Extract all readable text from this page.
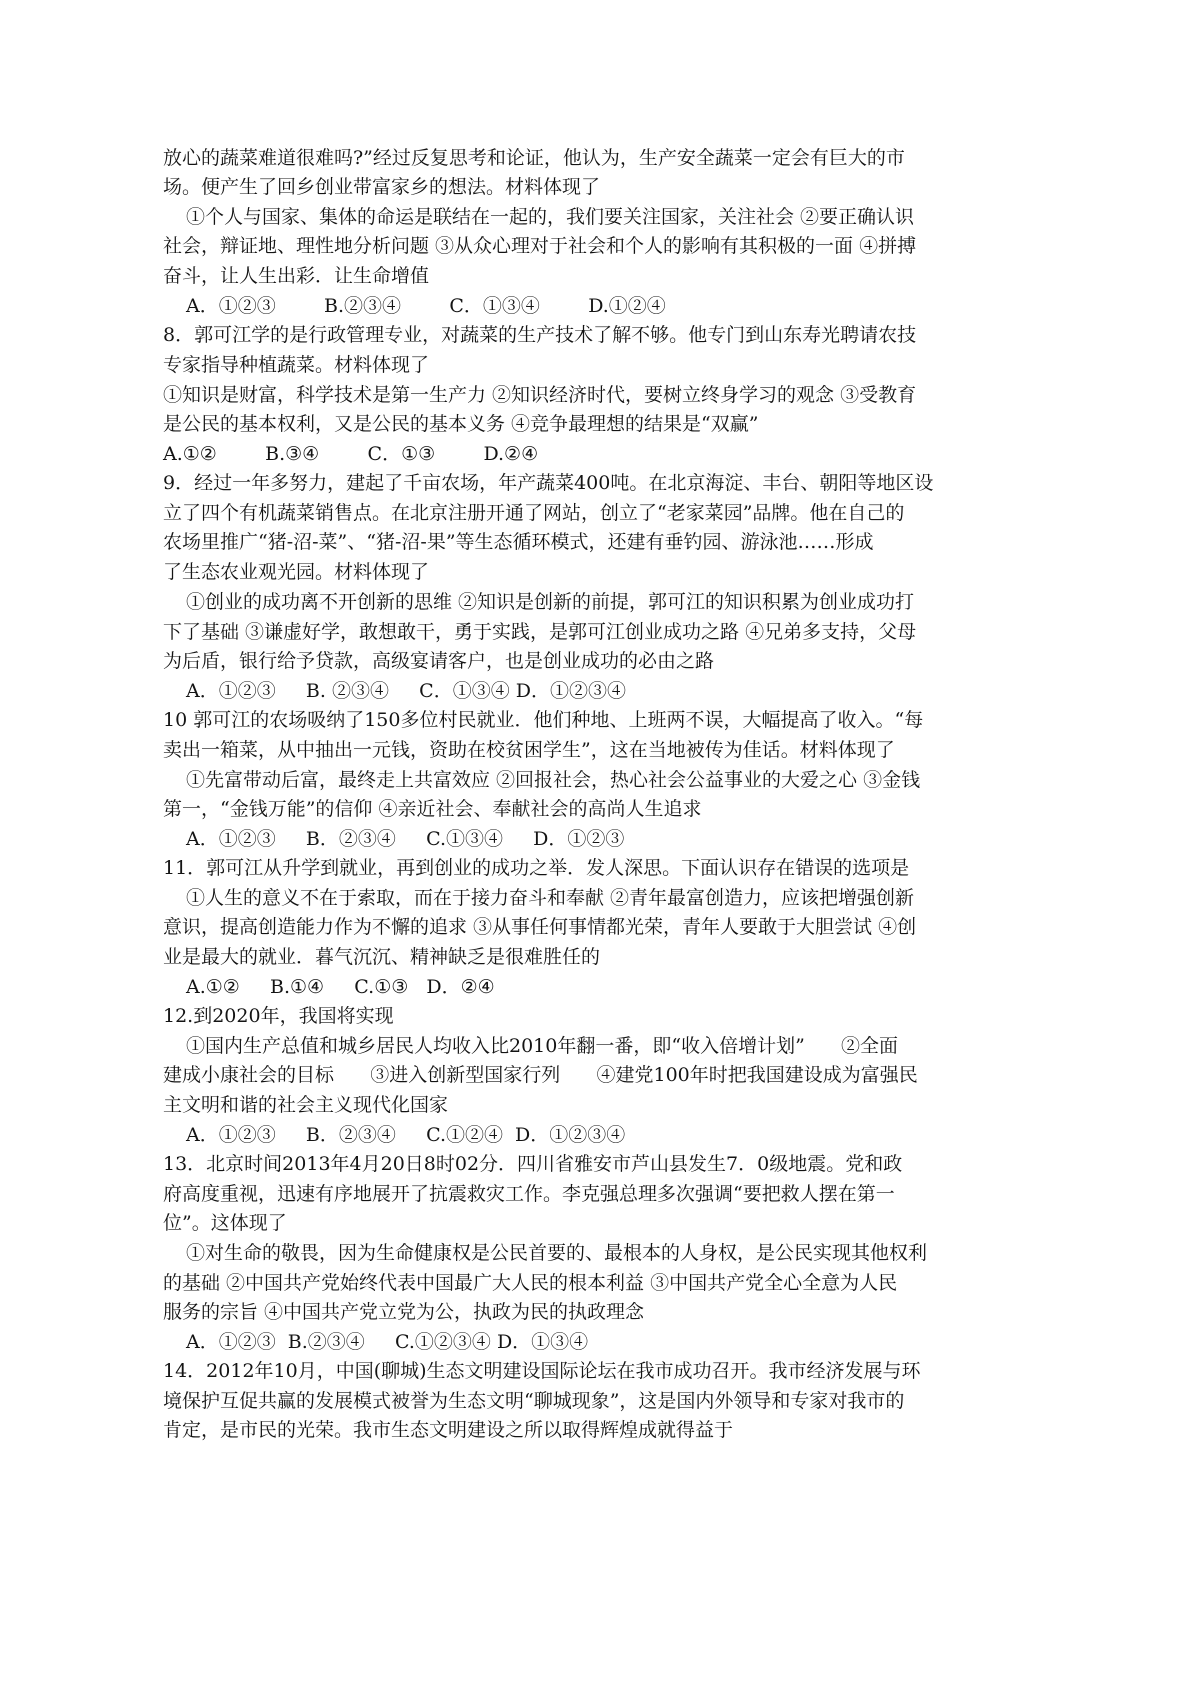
放心的蔬菜难道很难吗?”经过反复思考和论证，他认为，生产安全蔬菜一定会有巨大的市
场。便产生了回乡创业带富家乡的想法。材料体现了
①个人与国家、集体的命运是联结在一起的，我们要关注国家，关注社会 ②要正确认识
社会，辩证地、理性地分析问题 ③从众心理对于社会和个人的影响有其积极的一面 ④拼搏
奋斗，让人生出彩．让生命增值
A．①②③        B.②③④        C．①③④        D.①②④
8．郭可江学的是行政管理专业，对蔬菜的生产技术了解不够。他专门到山东寿光聘请农技
专家指导种植蔬菜。材料体现了
①知识是财富，科学技术是第一生产力 ②知识经济时代，要树立终身学习的观念 ③受教育
是公民的基本权利，又是公民的基本义务 ④竞争最理想的结果是“双赢”
A.①②        B.③④        C．①③        D.②④
9．经过一年多努力，建起了千亩农场，年产蔬菜400吨。在北京海淀、丰台、朝阳等地区设
立了四个有机蔬菜销售点。在北京注册开通了网站，创立了“老家菜园”品牌。他在自己的
农场里推广“猪-沼-菜”、“猪-沼-果”等生态循环模式，还建有垂钓园、游泳池……形成
了生态农业观光园。材料体现了
①创业的成功离不开创新的思维 ②知识是创新的前提，郭可江的知识积累为创业成功打
下了基础 ③谦虚好学，敢想敢干，勇于实践，是郭可江创业成功之路 ④兄弟多支持，父母
为后盾，银行给予贷款，高级宴请客户，也是创业成功的必由之路
A．①②③     B. ②③④     C．①③④ D．①②③④
10 郭可江的农场吸纳了150多位村民就业．他们种地、上班两不误，大幅提高了收入。“每
卖出一箱菜，从中抽出一元钱，资助在校贫困学生”，这在当地被传为佳话。材料体现了
①先富带动后富，最终走上共富效应 ②回报社会，热心社会公益事业的大爱之心 ③金钱
第一，“金钱万能”的信仰 ④亲近社会、奉献社会的高尚人生追求
A．①②③     B．②③④     C.①③④     D．①②③
11．郭可江从升学到就业，再到创业的成功之举．发人深思。下面认识存在错误的选项是
①人生的意义不在于索取，而在于接力奋斗和奉献 ②青年最富创造力，应该把增强创新
意识，提高创造能力作为不懈的追求 ③从事任何事情都光荣，青年人要敢于大胆尝试 ④创
业是最大的就业．暮气沉沉、精神缺乏是很难胜任的
A.①②     B.①④     C.①③   D．②④
12.到2020年，我国将实现
①国内生产总值和城乡居民人均收入比2010年翻一番，即“收入倍增计划”      ②全面
建成小康社会的目标      ③进入创新型国家行列      ④建党100年时把我国建设成为富强民
主文明和谐的社会主义现代化国家
A．①②③     B．②③④     C.①②④  D．①②③④
13．北京时间2013年4月20日8时02分．四川省雅安市芦山县发生7．0级地震。党和政
府高度重视，迅速有序地展开了抗震救灾工作。李克强总理多次强调“要把救人摆在第一
位”。这体现了
①对生命的敬畏，因为生命健康权是公民首要的、最根本的人身权，是公民实现其他权利
的基础 ②中国共产党始终代表中国最广大人民的根本利益 ③中国共产党全心全意为人民
服务的宗旨 ④中国共产党立党为公，执政为民的执政理念
A．①②③  B.②③④     C.①②③④ D．①③④
14．2012年10月，中国(聊城)生态文明建设国际论坛在我市成功召开。我市经济发展与环
境保护互促共赢的发展模式被誉为生态文明“聊城现象”，这是国内外领导和专家对我市的
肯定，是市民的光荣。我市生态文明建设之所以取得辉煌成就得益于
